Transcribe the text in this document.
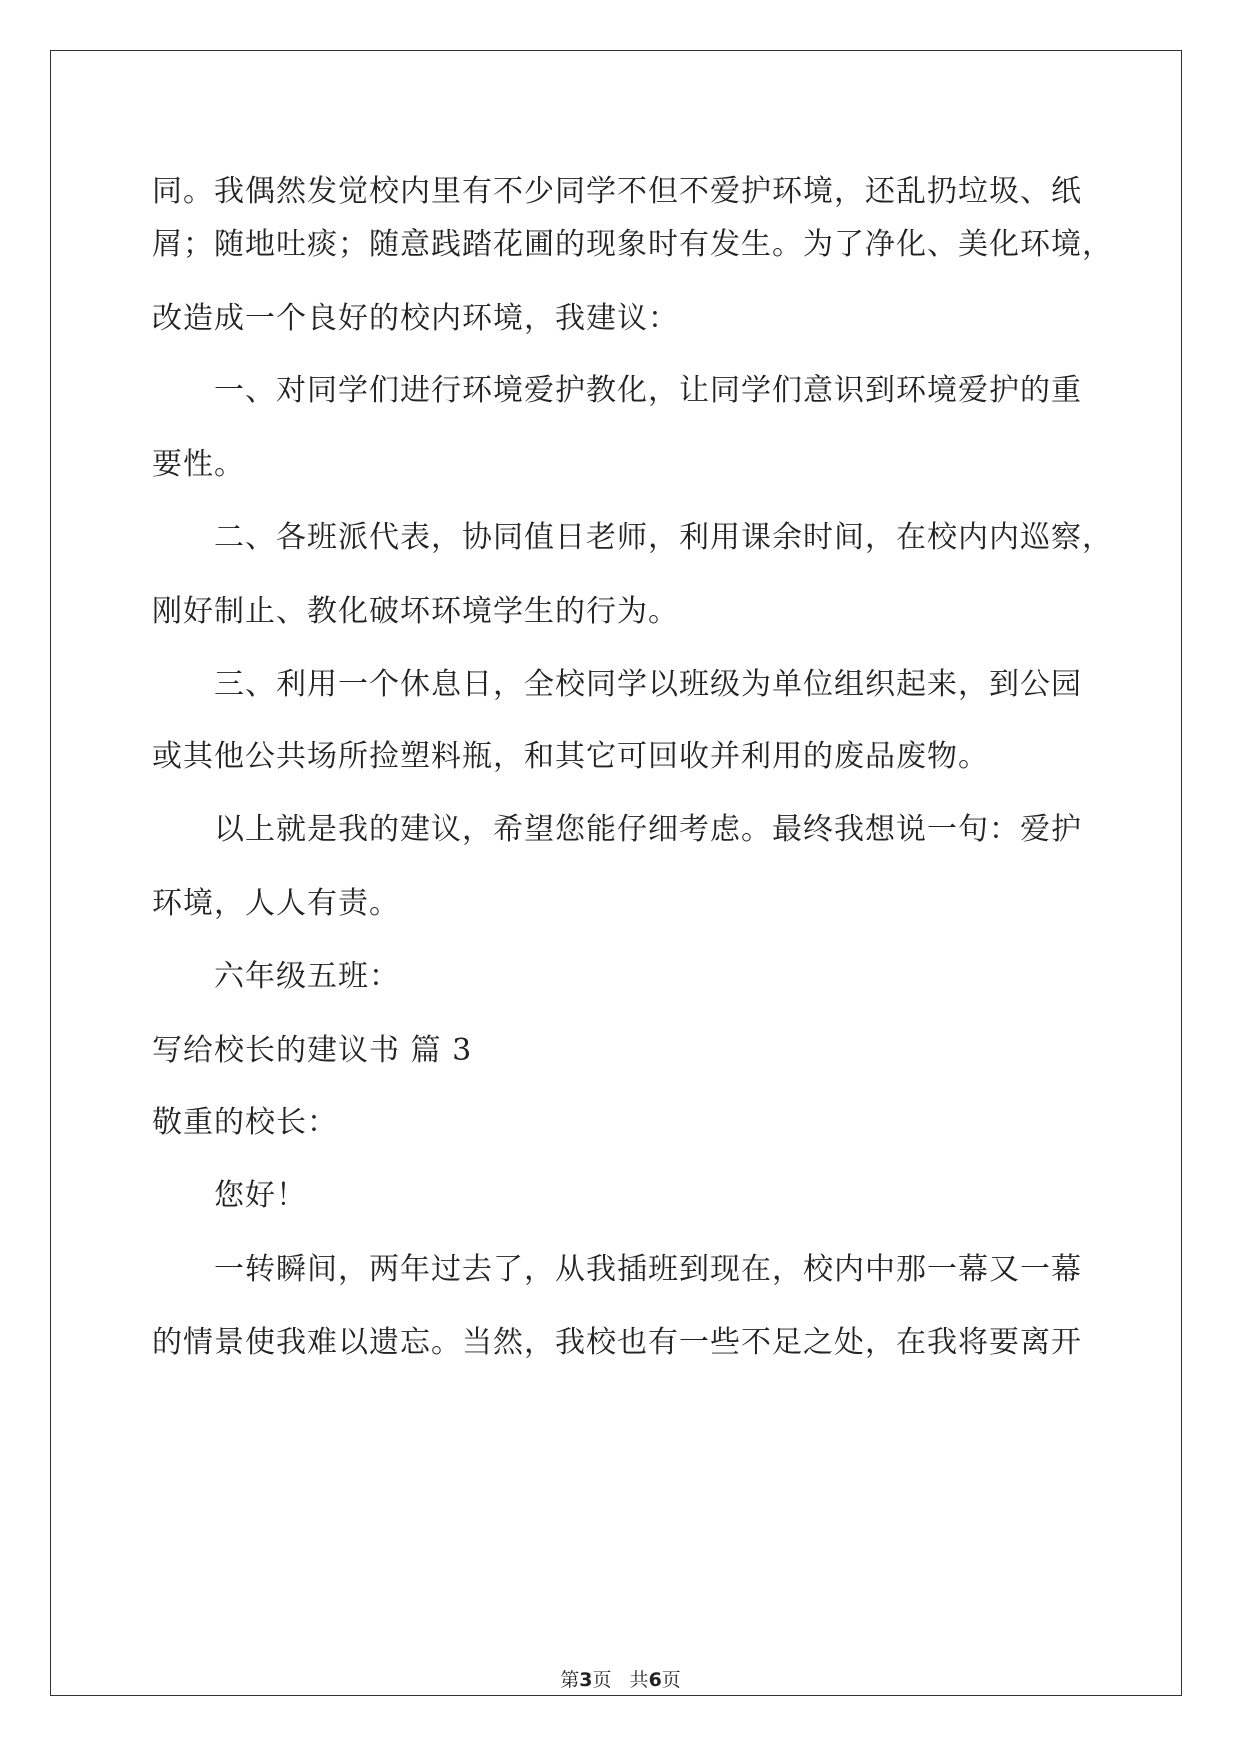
同。我偶然发觉校内里有不少同学不但不爱护环境，还乱扔垃圾、纸
屑；随地吐痰；随意践踏花圃的现象时有发生。为了净化、美化环境，
改造成一个良好的校内环境，我建议：
一、对同学们进行环境爱护教化，让同学们意识到环境爱护的重
要性。
二、各班派代表，协同值日老师，利用课余时间，在校内内巡察，
刚好制止、教化破坏环境学生的行为。
三、利用一个休息日，全校同学以班级为单位组织起来，到公园
或其他公共场所捡塑料瓶，和其它可回收并利用的废品废物。
以上就是我的建议，希望您能仔细考虑。最终我想说一句：爱护
环境，人人有责。
六年级五班：
写给校长的建议书 篇 3
敬重的校长：
您好！
一转瞬间，两年过去了，从我插班到现在，校内中那一幕又一幕
的情景使我难以遗忘。当然，我校也有一些不足之处，在我将要离开
第3页   共6页
